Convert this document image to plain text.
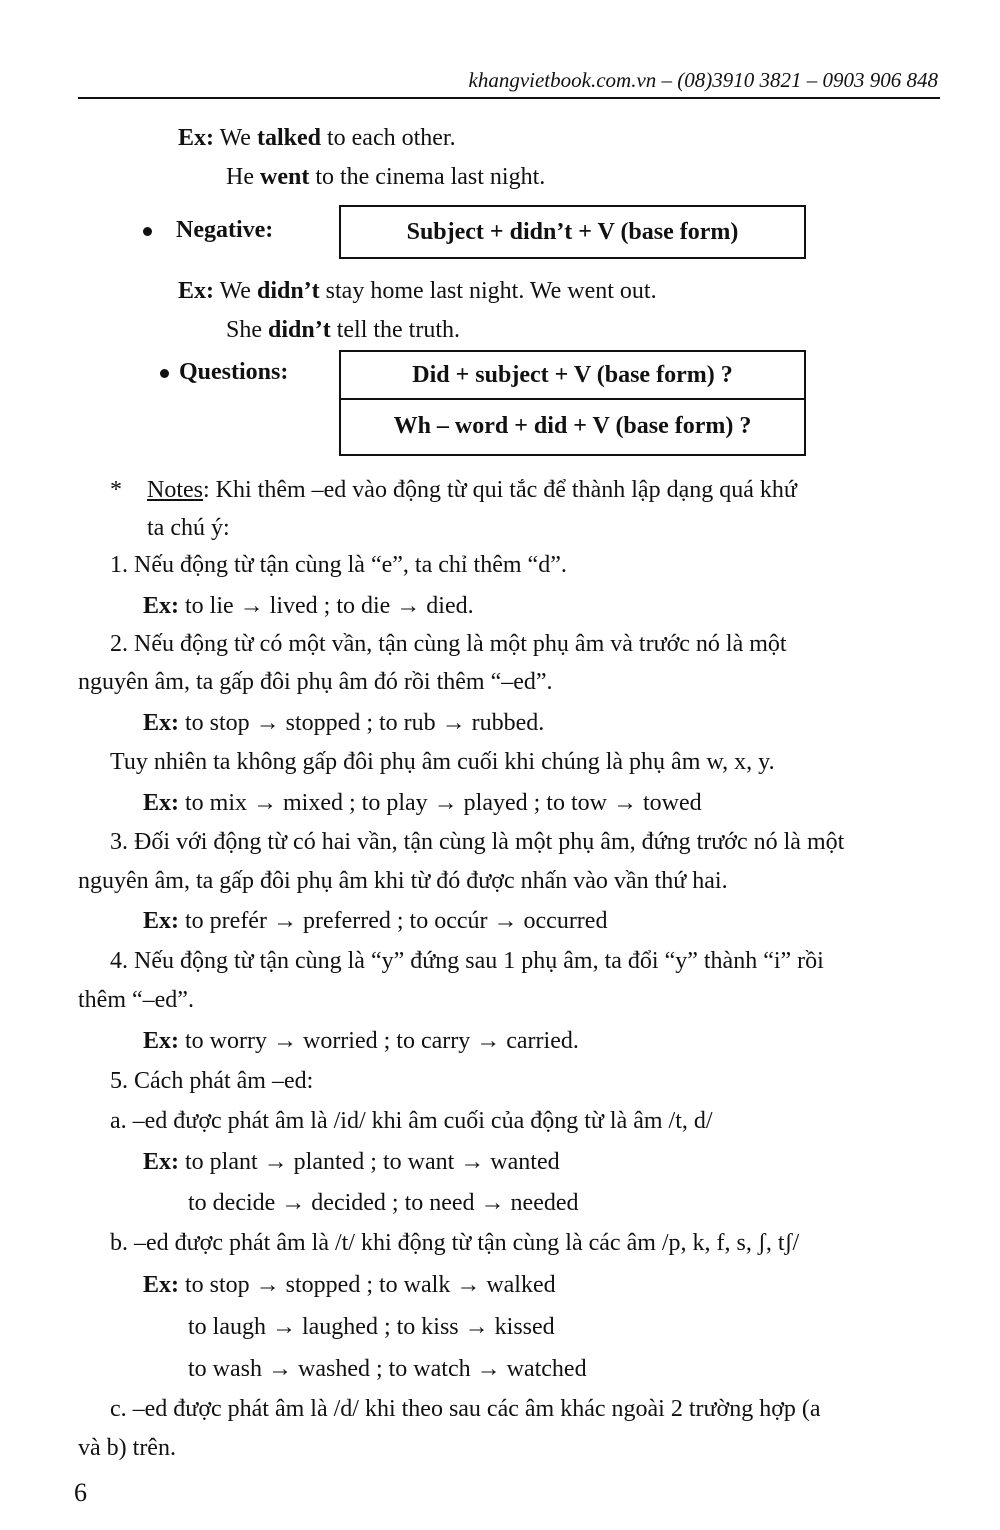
khangvietbook.com.vn – (08)3910 3821 – 0903 906 848
Ex: We talked to each other.
He went to the cinema last night.
Negative:	Subject + didn’t + V (base form)
Ex: We didn’t stay home last night. We went out.
She didn’t tell the truth.
Questions:	Did + subject + V (base form) ?
Wh – word + did + V (base form) ?
* Notes: Khi thêm –ed vào động từ qui tắc để thành lập dạng quá khứ
ta chú ý:
1. Nếu động từ tận cùng là “e”, ta chỉ thêm “d”.
Ex: to lie → lived ; to die → died.
2. Nếu động từ có một vần, tận cùng là một phụ âm và trước nó là một
nguyên âm, ta gấp đôi phụ âm đó rồi thêm “–ed”.
Ex: to stop → stopped ; to rub → rubbed.
Tuy nhiên ta không gấp đôi phụ âm cuối khi chúng là phụ âm w, x, y.
Ex: to mix → mixed ; to play → played ; to tow → towed
3. Đối với động từ có hai vần, tận cùng là một phụ âm, đứng trước nó là một
nguyên âm, ta gấp đôi phụ âm khi từ đó được nhấn vào vần thứ hai.
Ex: to prefér → preferred ; to occúr → occurred
4. Nếu động từ tận cùng là “y” đứng sau 1 phụ âm, ta đổi “y” thành “i” rồi
thêm “–ed”.
Ex: to worry → worried ; to carry → carried.
5. Cách phát âm –ed:
a. –ed được phát âm là /id/ khi âm cuối của động từ là âm /t, d/
Ex: to plant → planted ; to want → wanted
to decide → decided ; to need → needed
b. –ed được phát âm là /t/ khi động từ tận cùng là các âm /p, k, f, s, ʃ, tʃ/
Ex: to stop → stopped ; to walk → walked
to laugh → laughed ; to kiss → kissed
to wash → washed ; to watch → watched
c. –ed được phát âm là /d/ khi theo sau các âm khác ngoài 2 trường hợp (a
và b) trên.
6
